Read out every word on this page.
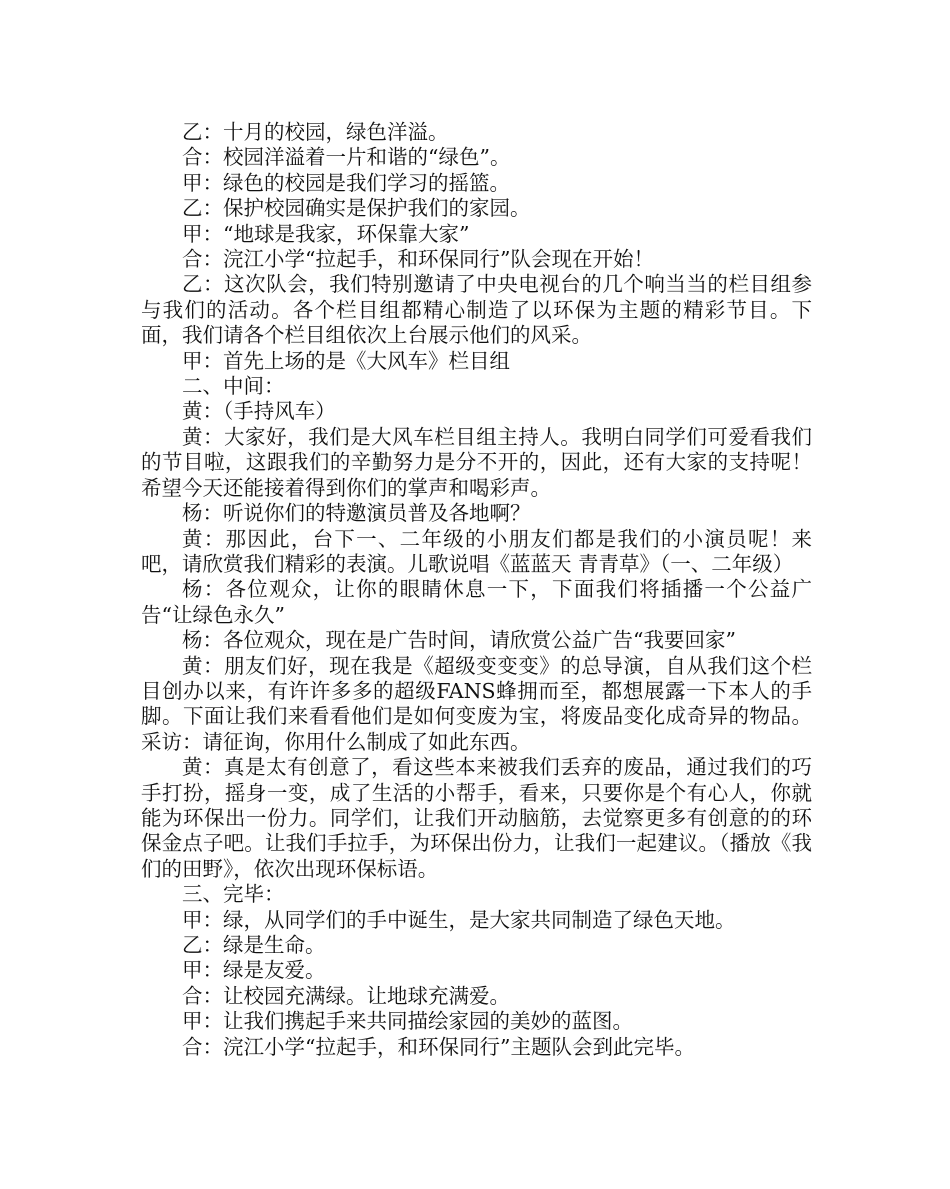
乙：十月的校园，绿色洋溢。

合：校园洋溢着一片和谐的“绿色”。

甲：绿色的校园是我们学习的摇篮。

乙：保护校园确实是保护我们的家园。

甲：“地球是我家，环保靠大家”

合：浣江小学“拉起手，和环保同行”队会现在开始！

乙：这次队会，我们特别邀请了中央电视台的几个响当当的栏目组参与我们的活动。各个栏目组都精心制造了以环保为主题的精彩节目。下面，我们请各个栏目组依次上台展示他们的风采。

甲：首先上场的是《大风车》栏目组

二、中间：

黄：（手持风车）

黄：大家好，我们是大风车栏目组主持人。我明白同学们可爱看我们的节目啦，这跟我们的辛勤努力是分不开的，因此，还有大家的支持呢！希望今天还能接着得到你们的掌声和喝彩声。

杨：听说你们的特邀演员普及各地啊？

黄：那因此，台下一、二年级的小朋友们都是我们的小演员呢！来吧，请欣赏我们精彩的表演。儿歌说唱《蓝蓝天 青青草》（一、二年级）

杨：各位观众，让你的眼睛休息一下，下面我们将插播一个公益广告“让绿色永久”

杨：各位观众，现在是广告时间，请欣赏公益广告“我要回家”

黄：朋友们好，现在我是《超级变变变》的总导演，自从我们这个栏目创办以来，有许许多多的超级FANS蜂拥而至，都想展露一下本人的手脚。下面让我们来看看他们是如何变废为宝，将废品变化成奇异的物品。采访：请征询，你用什么制成了如此东西。

黄：真是太有创意了，看这些本来被我们丢弃的废品，通过我们的巧手打扮，摇身一变，成了生活的小帮手，看来，只要你是个有心人，你就能为环保出一份力。同学们，让我们开动脑筋，去觉察更多有创意的的环保金点子吧。让我们手拉手，为环保出份力，让我们一起建议。（播放《我们的田野》，依次出现环保标语。

三、完毕：

甲：绿，从同学们的手中诞生，是大家共同制造了绿色天地。

乙：绿是生命。

甲：绿是友爱。

合：让校园充满绿。让地球充满爱。

甲：让我们携起手来共同描绘家园的美妙的蓝图。

合：浣江小学“拉起手，和环保同行”主题队会到此完毕。
